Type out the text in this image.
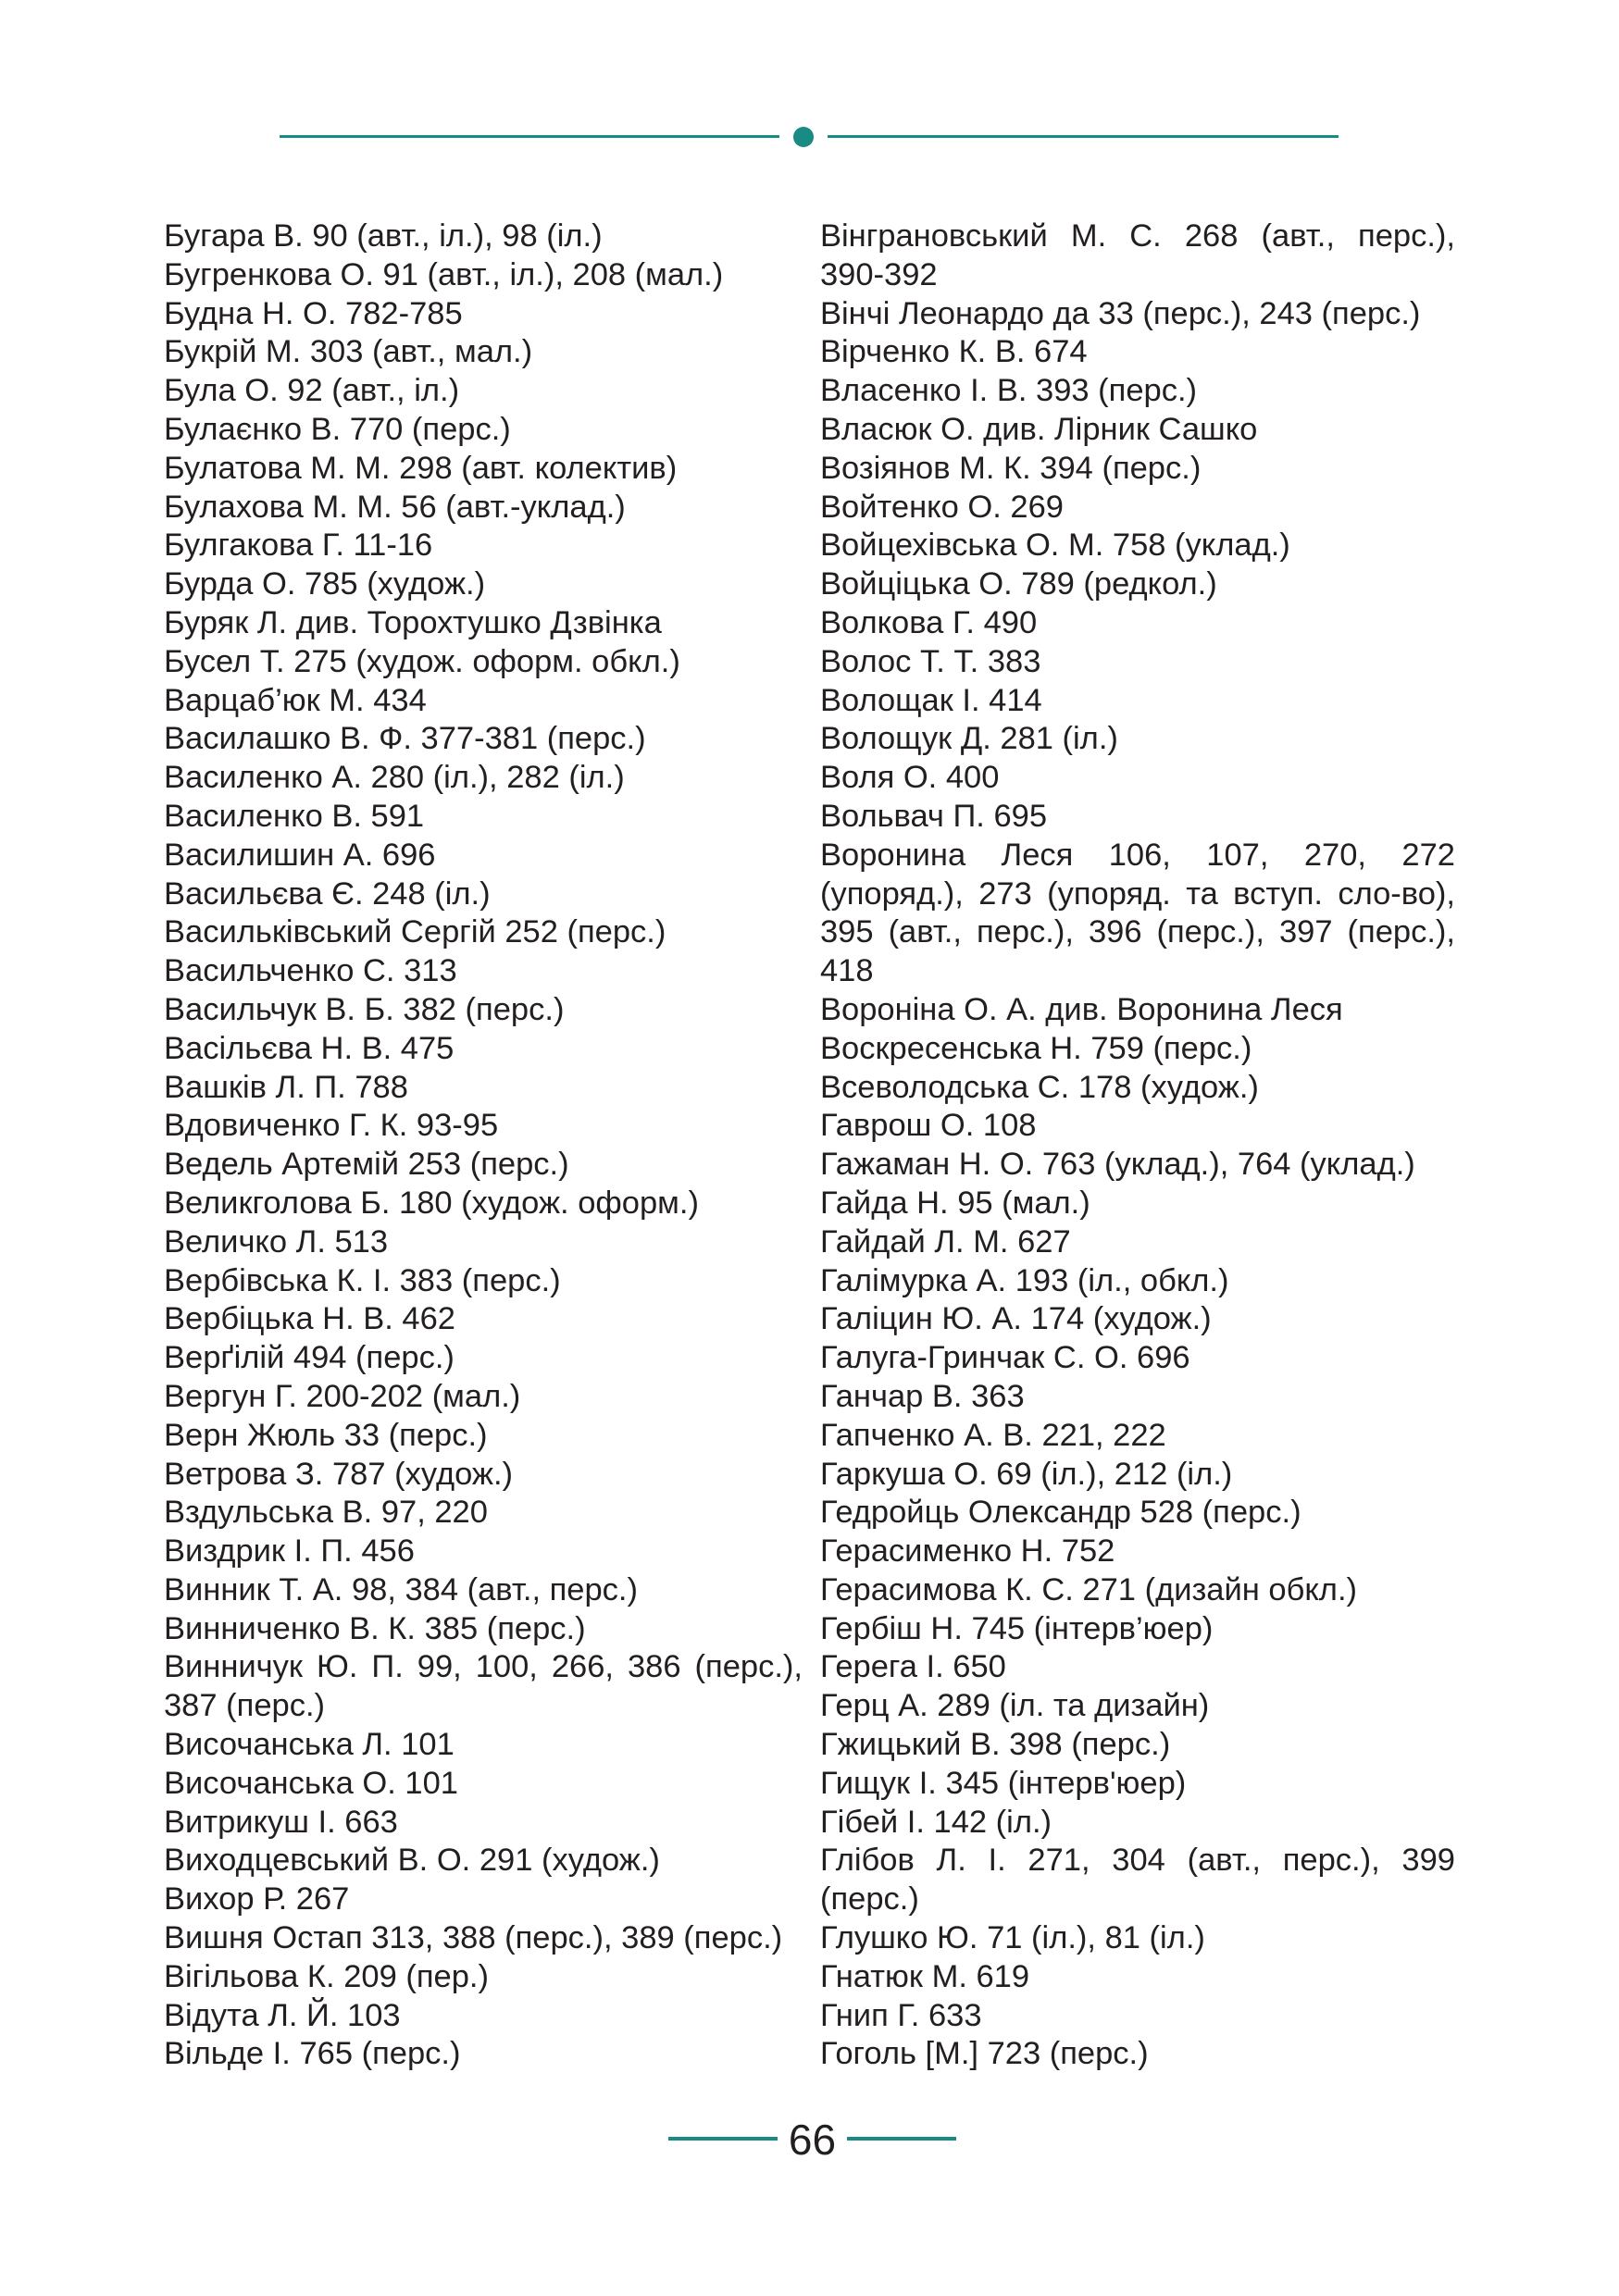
Бугара В. 90 (авт., іл.), 98 (іл.)
Бугренкова О. 91 (авт., іл.), 208 (мал.)
Будна Н. О. 782-785
Букрій М. 303 (авт., мал.)
Була О. 92 (авт., іл.)
Булаєнко В. 770 (перс.)
Булатова М. М. 298 (авт. колектив)
Булахова М. М. 56 (авт.-уклад.)
Булгакова Г. 11-16
Бурда О. 785 (худож.)
Буряк Л. див. Торохтушко Дзвінка
Бусел Т. 275 (худож. оформ. обкл.)
Варцаб’юк М. 434
Василашко В. Ф. 377-381 (перс.)
Василенко А. 280 (іл.), 282 (іл.)
Василенко В. 591
Василишин А. 696
Васильєва Є. 248 (іл.)
Васильківський Сергій 252 (перс.)
Васильченко С. 313
Васильчук В. Б. 382 (перс.)
Васільєва Н. В. 475
Вашків Л. П. 788
Вдовиченко Г. К. 93-95
Ведель Артемій 253 (перс.)
Великголова Б. 180 (худож. оформ.)
Величко Л. 513
Вербівська К. І. 383 (перс.)
Вербіцька Н. В. 462
Верґілій 494 (перс.)
Вергун Г. 200-202 (мал.)
Верн Жюль 33 (перс.)
Ветрова З. 787 (худож.)
Вздульська В. 97, 220
Виздрик І. П. 456
Винник Т. А. 98, 384 (авт., перс.)
Винниченко В. К. 385 (перс.)
Винничук Ю. П. 99, 100, 266, 386 (перс.), 387 (перс.)
Височанська Л. 101
Височанська О. 101
Витрикуш І. 663
Виходцевський В. О. 291 (худож.)
Вихор Р. 267
Вишня Остап 313, 388 (перс.), 389 (перс.)
Вігільова К. 209 (пер.)
Відута Л. Й. 103
Вільде І. 765 (перс.)
Вінграновський М. С. 268 (авт., перс.), 390-392
Вінчі Леонардо да 33 (перс.), 243 (перс.)
Вірченко К. В. 674
Власенко І. В. 393 (перс.)
Власюк О. див. Лірник Сашко
Возіянов М. К. 394 (перс.)
Войтенко О. 269
Войцехівська О. М. 758 (уклад.)
Войціцька О. 789 (редкол.)
Волкова Г. 490
Волос Т. Т. 383
Волощак І. 414
Волощук Д. 281 (іл.)
Воля О. 400
Вольвач П. 695
Воронина Леся 106, 107, 270, 272 (упоряд.), 273 (упоряд. та вступ. сло-во), 395 (авт., перс.), 396 (перс.), 397 (перс.), 418
Вороніна О. А. див. Воронина Леся
Воскресенська Н. 759 (перс.)
Всеволодська С. 178 (худож.)
Гаврош О. 108
Гажаман Н. О. 763 (уклад.), 764 (уклад.)
Гайда Н. 95 (мал.)
Гайдай Л. М. 627
Галімурка А. 193 (іл., обкл.)
Галіцин Ю. А. 174 (худож.)
Галуга-Гринчак С. О. 696
Ганчар В. 363
Гапченко А. В. 221, 222
Гаркуша О. 69 (іл.), 212 (іл.)
Гедройць Олександр 528 (перс.)
Герасименко Н. 752
Герасимова К. С. 271 (дизайн обкл.)
Гербіш Н. 745 (інтерв’юер)
Герега І. 650
Герц А. 289 (іл. та дизайн)
Гжицький В. 398 (перс.)
Гищук І. 345 (інтерв'юер)
Гібей І. 142 (іл.)
Глібов Л. І. 271, 304 (авт., перс.), 399 (перс.)
Глушко Ю. 71 (іл.), 81 (іл.)
Гнатюк М. 619
Гнип Г. 633
Гоголь [М.] 723 (перс.)
66
